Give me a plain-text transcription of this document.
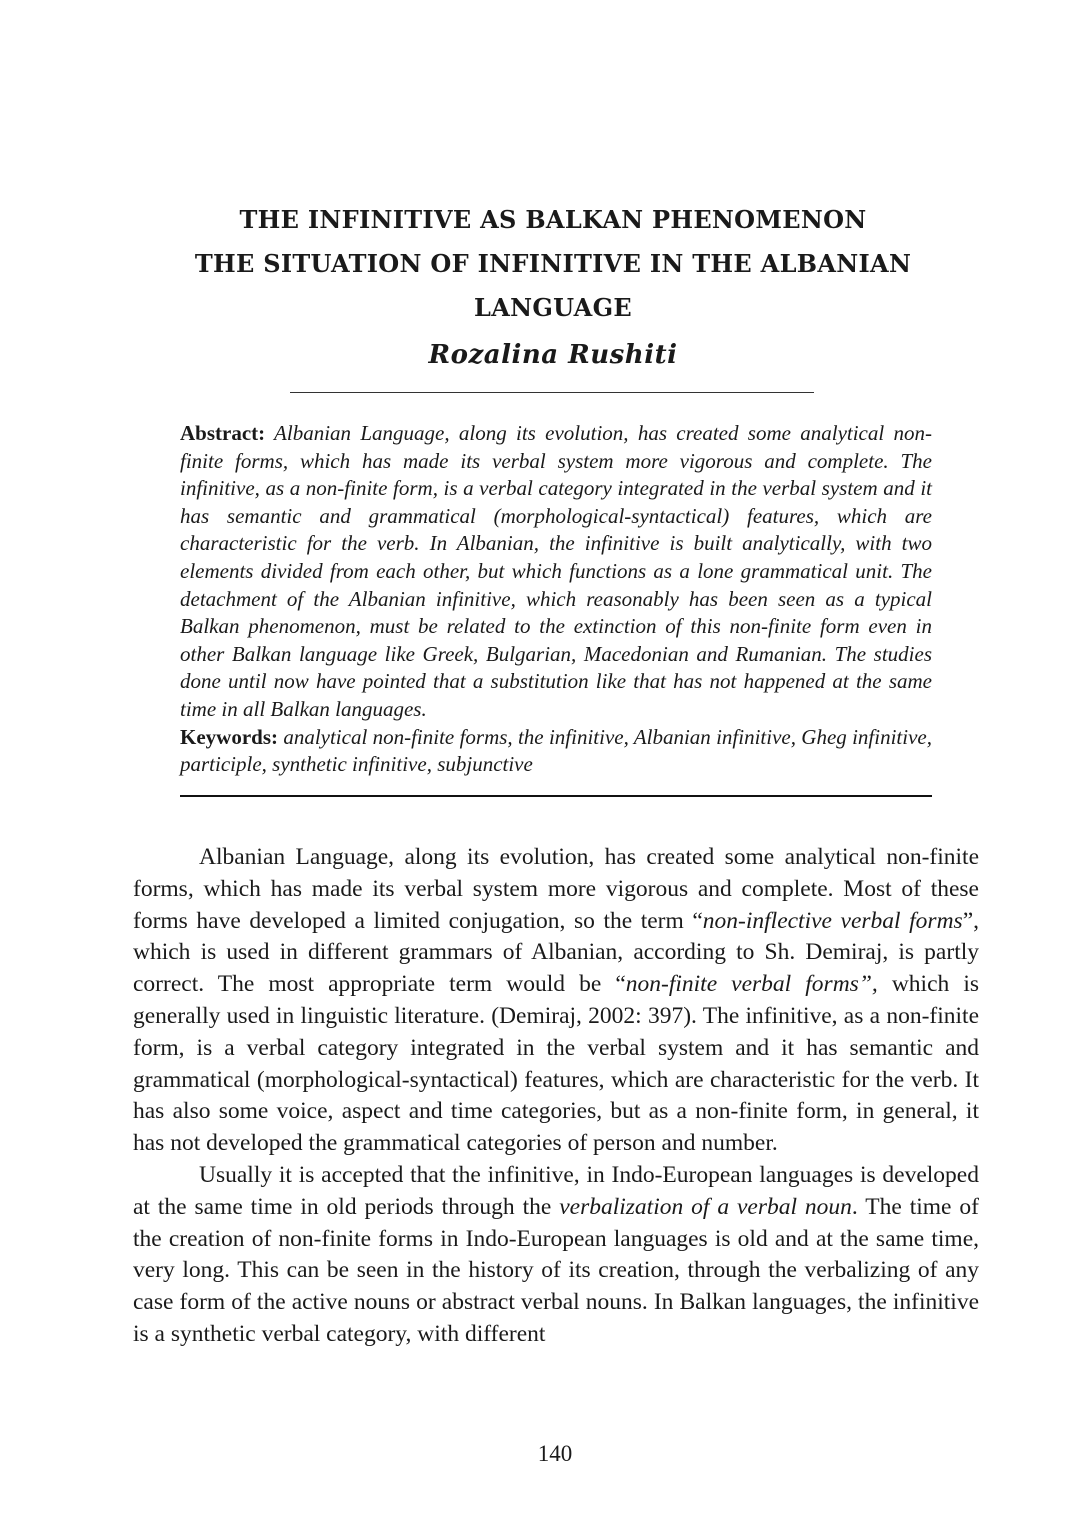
THE INFINITIVE AS BALKAN PHENOMENON
THE SITUATION OF INFINITIVE IN THE ALBANIAN
LANGUAGE
Rozalina Rushiti
Abstract: Albanian Language, along its evolution, has created some analytical non-finite forms, which has made its verbal system more vigorous and complete. The infinitive, as a non-finite form, is a verbal category integrated in the verbal system and it has semantic and grammatical (morphological-syntactical) features, which are characteristic for the verb. In Albanian, the infinitive is built analytically, with two elements divided from each other, but which functions as a lone grammatical unit. The detachment of the Albanian infinitive, which reasonably has been seen as a typical Balkan phenomenon, must be related to the extinction of this non-finite form even in other Balkan language like Greek, Bulgarian, Macedonian and Rumanian. The studies done until now have pointed that a substitution like that has not happened at the same time in all Balkan languages.
Keywords: analytical non-finite forms, the infinitive, Albanian infinitive, Gheg infinitive, participle, synthetic infinitive, subjunctive

Albanian Language, along its evolution, has created some analytical non-finite forms, which has made its verbal system more vigorous and complete. Most of these forms have developed a limited conjugation, so the term “non-inflective verbal forms”, which is used in different grammars of Albanian, according to Sh. Demiraj, is partly correct. The most appropriate term would be “non-finite verbal forms”, which is generally used in linguistic literature. (Demiraj, 2002: 397). The infinitive, as a non-finite form, is a verbal category integrated in the verbal system and it has semantic and grammatical (morphological-syntactical) features, which are characteristic for the verb. It has also some voice, aspect and time categories, but as a non-finite form, in general, it has not developed the grammatical categories of person and number.

Usually it is accepted that the infinitive, in Indo-European languages is developed at the same time in old periods through the verbalization of a verbal noun. The time of the creation of non-finite forms in Indo-European languages is old and at the same time, very long. This can be seen in the history of its creation, through the verbalizing of any case form of the active nouns or abstract verbal nouns. In Balkan languages, the infinitive is a synthetic verbal category, with different

140
